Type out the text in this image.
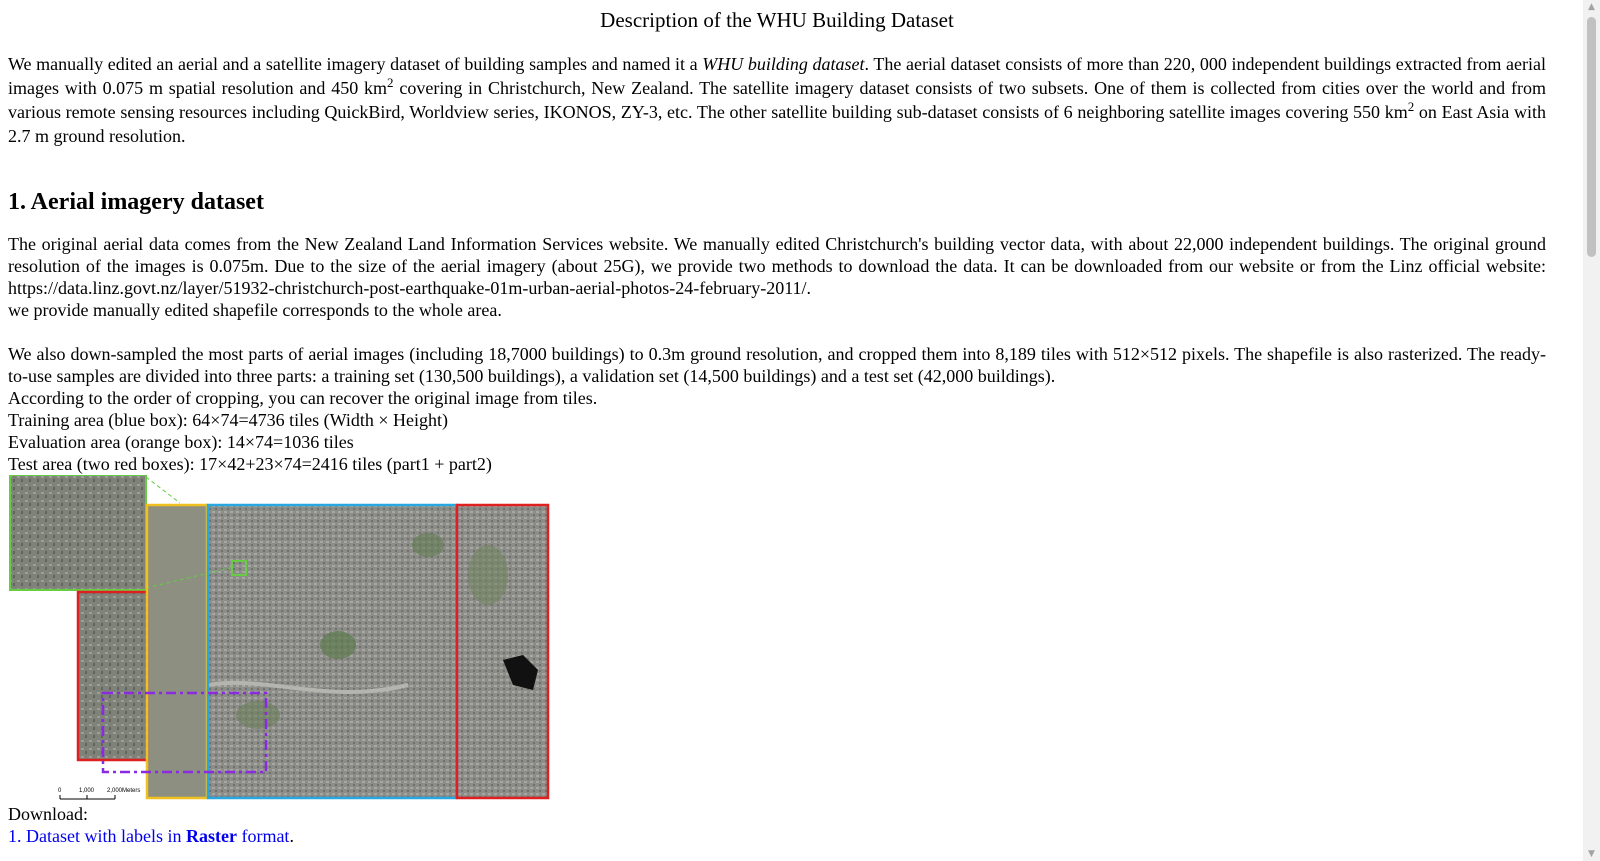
Description of the WHU Building Dataset

We manually edited an aerial and a satellite imagery dataset of building samples and named it a WHU building dataset. The aerial dataset consists of more than 220, 000 independent buildings extracted from aerial images with 0.075 m spatial resolution and 450 $km^2$ covering in Christchurch, New Zealand. The satellite imagery dataset consists of two subsets. One of them is collected from cities over the world and from various remote sensing resources including QuickBird, Worldview series, IKONOS, ZY-3, etc. The other satellite building sub-dataset consists of 6 neighboring satellite images covering 550 $km^2$ on East Asia with 2.7 m ground resolution.

1. Aerial imagery dataset

The original aerial data comes from the New Zealand Land Information Services website. We manually edited Christchurch's building vector data, with about 22,000 independent buildings. The original ground resolution of the images is 0.075m. Due to the size of the aerial imagery (about 25G), we provide two methods to download the data. It can be downloaded from our website or from the Linz official website: https://data.linz.govt.nz/layer/51932-christchurch-post-earthquake-01m-urban-aerial-photos-24-february-2011/.

we provide manually edited shapefile corresponds to the whole area.

We also down-sampled the most parts of aerial images (including 18,7000 buildings) to 0.3m ground resolution, and cropped them into 8,189 tiles with 512×512 pixels. The shapefile is also rasterized. The ready-to-use samples are divided into three parts: a training set (130,500 buildings), a validation set (14,500 buildings) and a test set (42,000 buildings).

According to the order of cropping, you can recover the original image from tiles.
Training area (blue box): 64×74=4736 tiles (Width × Height)
Evaluation area (orange box): 14×74=1036 tiles
Test area (two red boxes): 17×42+23×74=2416 tiles (part1 + part2)
0	1,000 2,000Meters
Download:
1. Dataset with labels in Raster format.
▲
▼
